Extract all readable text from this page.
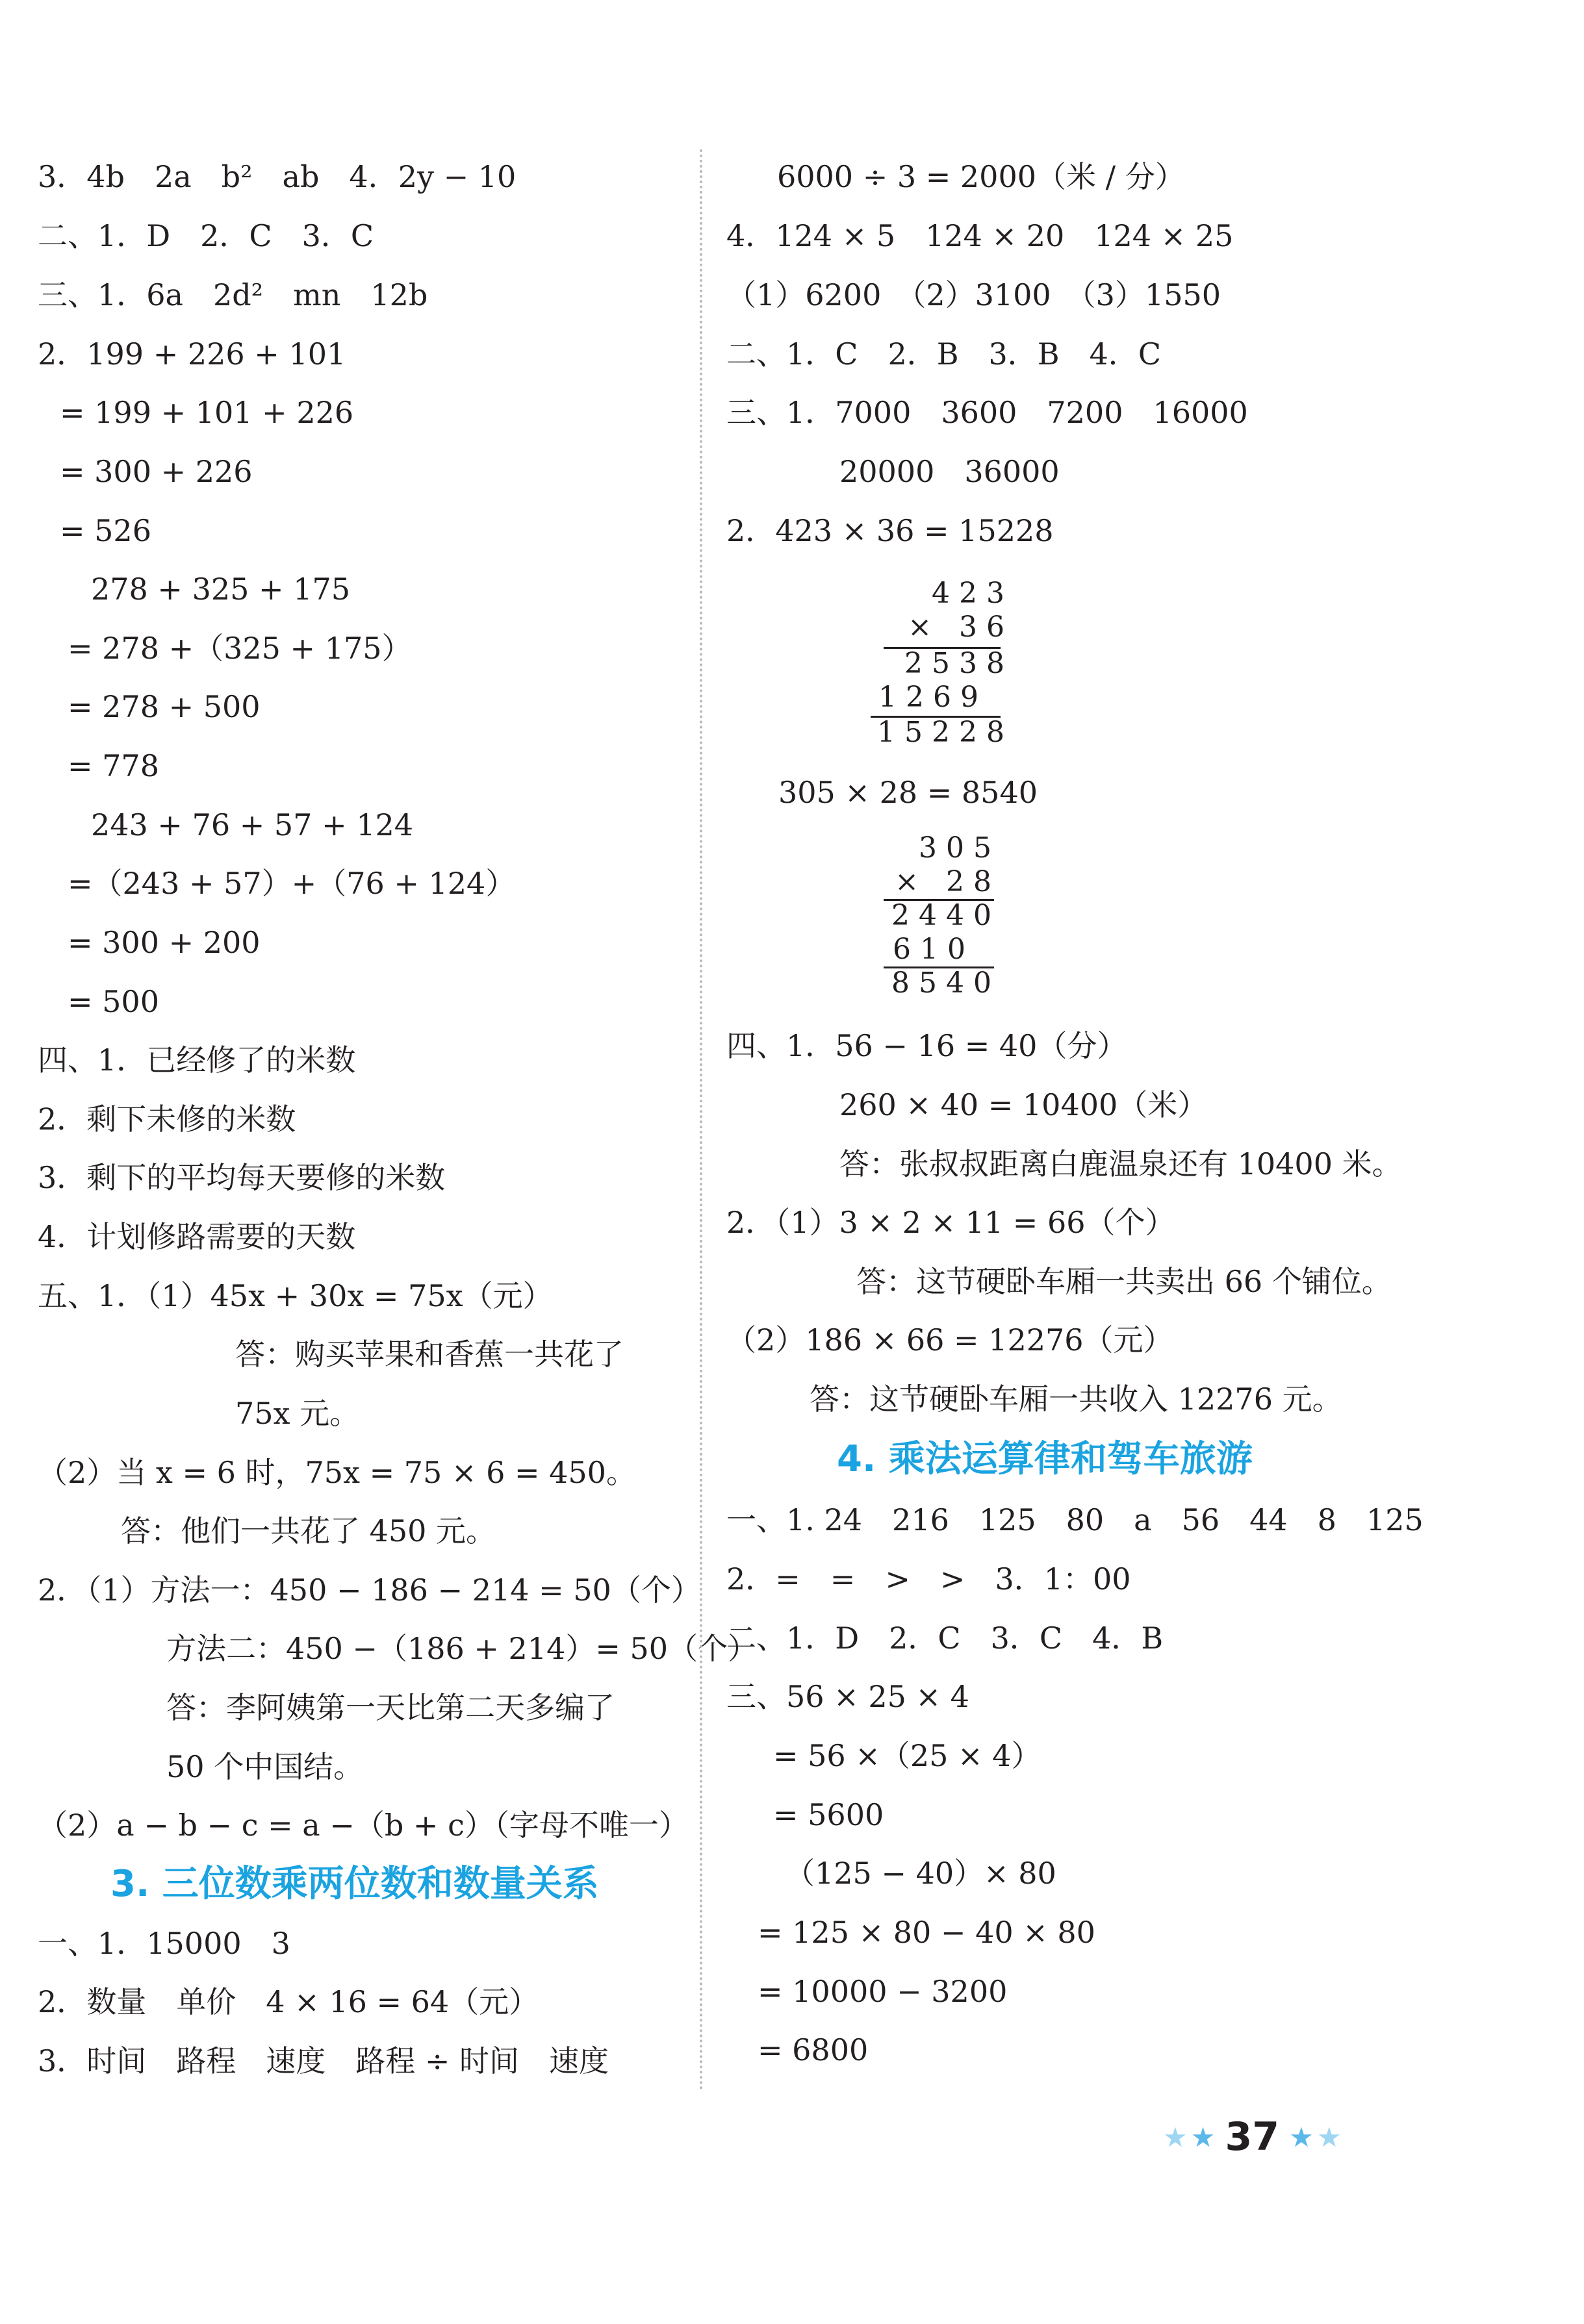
3．4b　2a　b²　ab　4．2y − 10
二、1．D　2．C　3．C
三、1．6a　2d²　mn　12b
2．199 + 226 + 101
= 199 + 101 + 226
= 300 + 226
= 526
278 + 325 + 175
= 278 +（325 + 175）
= 278 + 500
= 778
243 + 76 + 57 + 124
=（243 + 57）+（76 + 124）
= 300 + 200
= 500
四、1．已经修了的米数
2．剩下未修的米数
3．剩下的平均每天要修的米数
4．计划修路需要的天数
五、1．（1）45x + 30x = 75x（元）
答：购买苹果和香蕉一共花了
75x 元。
（2）当 x = 6 时，75x = 75 × 6 = 450。
答：他们一共花了 450 元。
2．（1）方法一：450 − 186 − 214 = 50（个）
方法二：450 −（186 + 214）= 50（个）
答：李阿姨第一天比第二天多编了
50 个中国结。
（2）a − b − c = a −（b + c）（字母不唯一）
3. 三位数乘两位数和数量关系
一、1．15000　3
2．数量　单价　4 × 16 = 64（元）
3．时间　路程　速度　路程 ÷ 时间　速度
6000 ÷ 3 = 2000（米 / 分）
4．124 × 5　124 × 20　124 × 25
（1）6200　（2）3100　（3）1550
二、1．C　2．B　3．B　4．C
三、1．7000　3600　7200　16000
20000　36000
2．423 × 36 = 15228
423
× 36
2538
1269
15228
305 × 28 = 8540
305
× 28
2440
610
8540
四、1．56 − 16 = 40（分）
260 × 40 = 10400（米）
答：张叔叔距离白鹿温泉还有 10400 米。
2．（1）3 × 2 × 11 = 66（个）
答：这节硬卧车厢一共卖出 66 个铺位。
（2）186 × 66 = 12276（元）
答：这节硬卧车厢一共收入 12276 元。
4. 乘法运算律和驾车旅游
一、1. 24　216　125　80　a　56　44　8　125
2．=　=　>　>　3．1：00
二、1．D　2．C　3．C　4．B
三、56 × 25 × 4
= 56 ×（25 × 4）
= 5600
（125 − 40）× 80
= 125 × 80 − 40 × 80
= 10000 − 3200
= 6800
★ ★ 37 ★ ★
